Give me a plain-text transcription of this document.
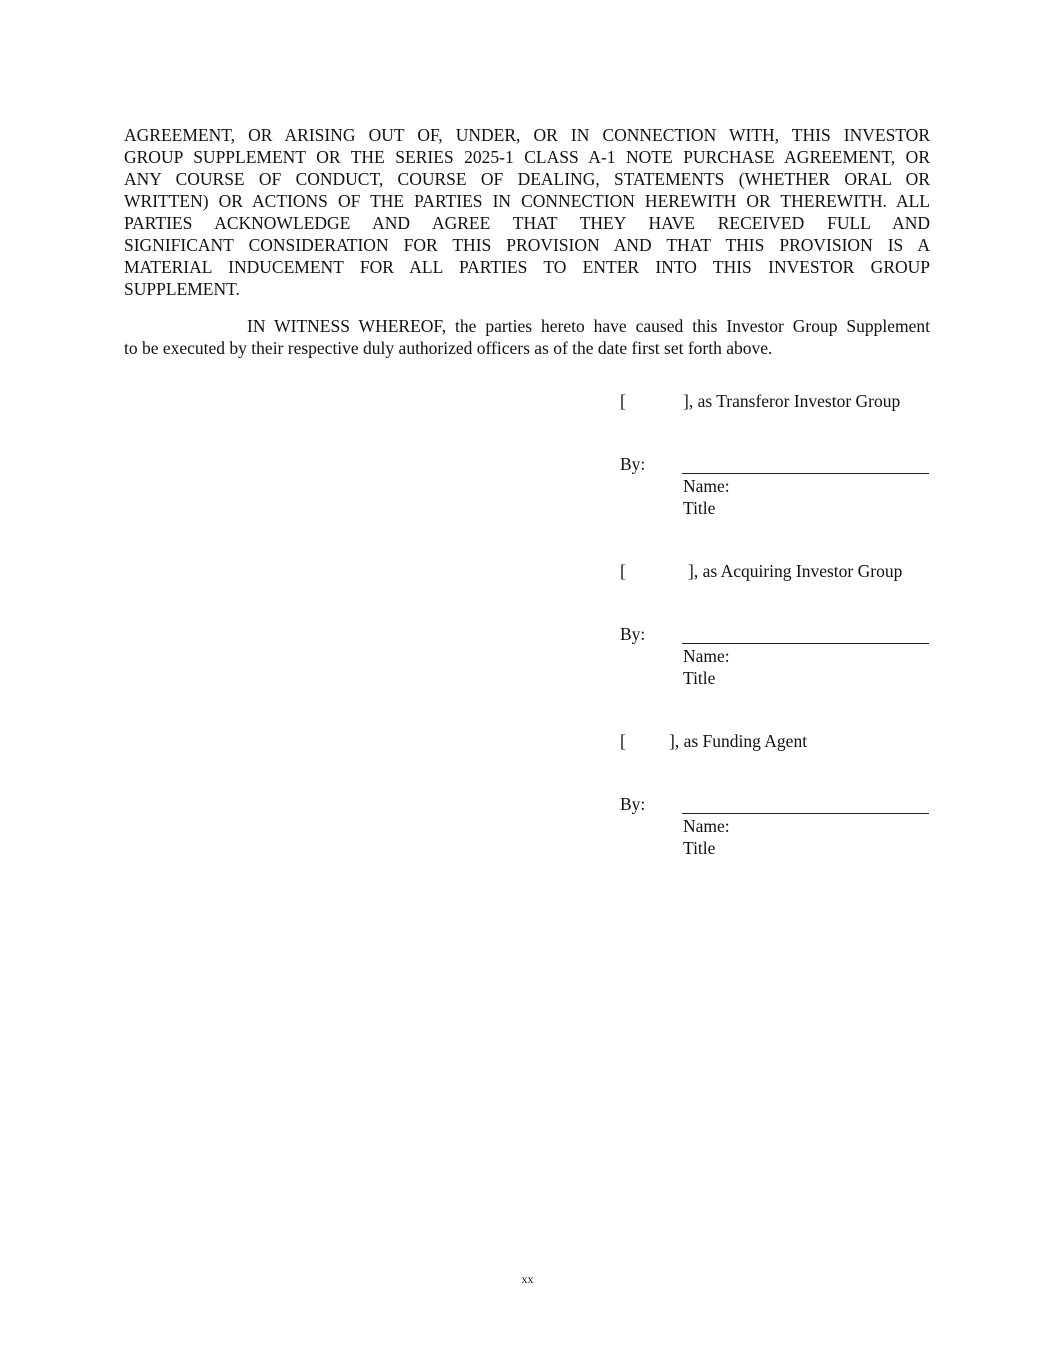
AGREEMENT, OR ARISING OUT OF, UNDER, OR IN CONNECTION WITH, THIS INVESTOR
GROUP SUPPLEMENT OR THE SERIES 2025-1 CLASS A-1 NOTE PURCHASE AGREEMENT, OR
ANY COURSE OF CONDUCT, COURSE OF DEALING, STATEMENTS (WHETHER ORAL OR
WRITTEN) OR ACTIONS OF THE PARTIES IN CONNECTION HEREWITH OR THEREWITH. ALL
PARTIES ACKNOWLEDGE AND AGREE THAT THEY HAVE RECEIVED FULL AND
SIGNIFICANT CONSIDERATION FOR THIS PROVISION AND THAT THIS PROVISION IS A
MATERIAL INDUCEMENT FOR ALL PARTIES TO ENTER INTO THIS INVESTOR GROUP
SUPPLEMENT.
IN WITNESS WHEREOF, the parties hereto have caused this Investor Group Supplement
to be executed by their respective duly authorized officers as of the date first set forth above.
[	], as Transferor Investor Group
By:
Name:
Title
[	], as Acquiring Investor Group
By:
Name:
Title
[ ], as Funding Agent
By:
Name:
Title
xx
